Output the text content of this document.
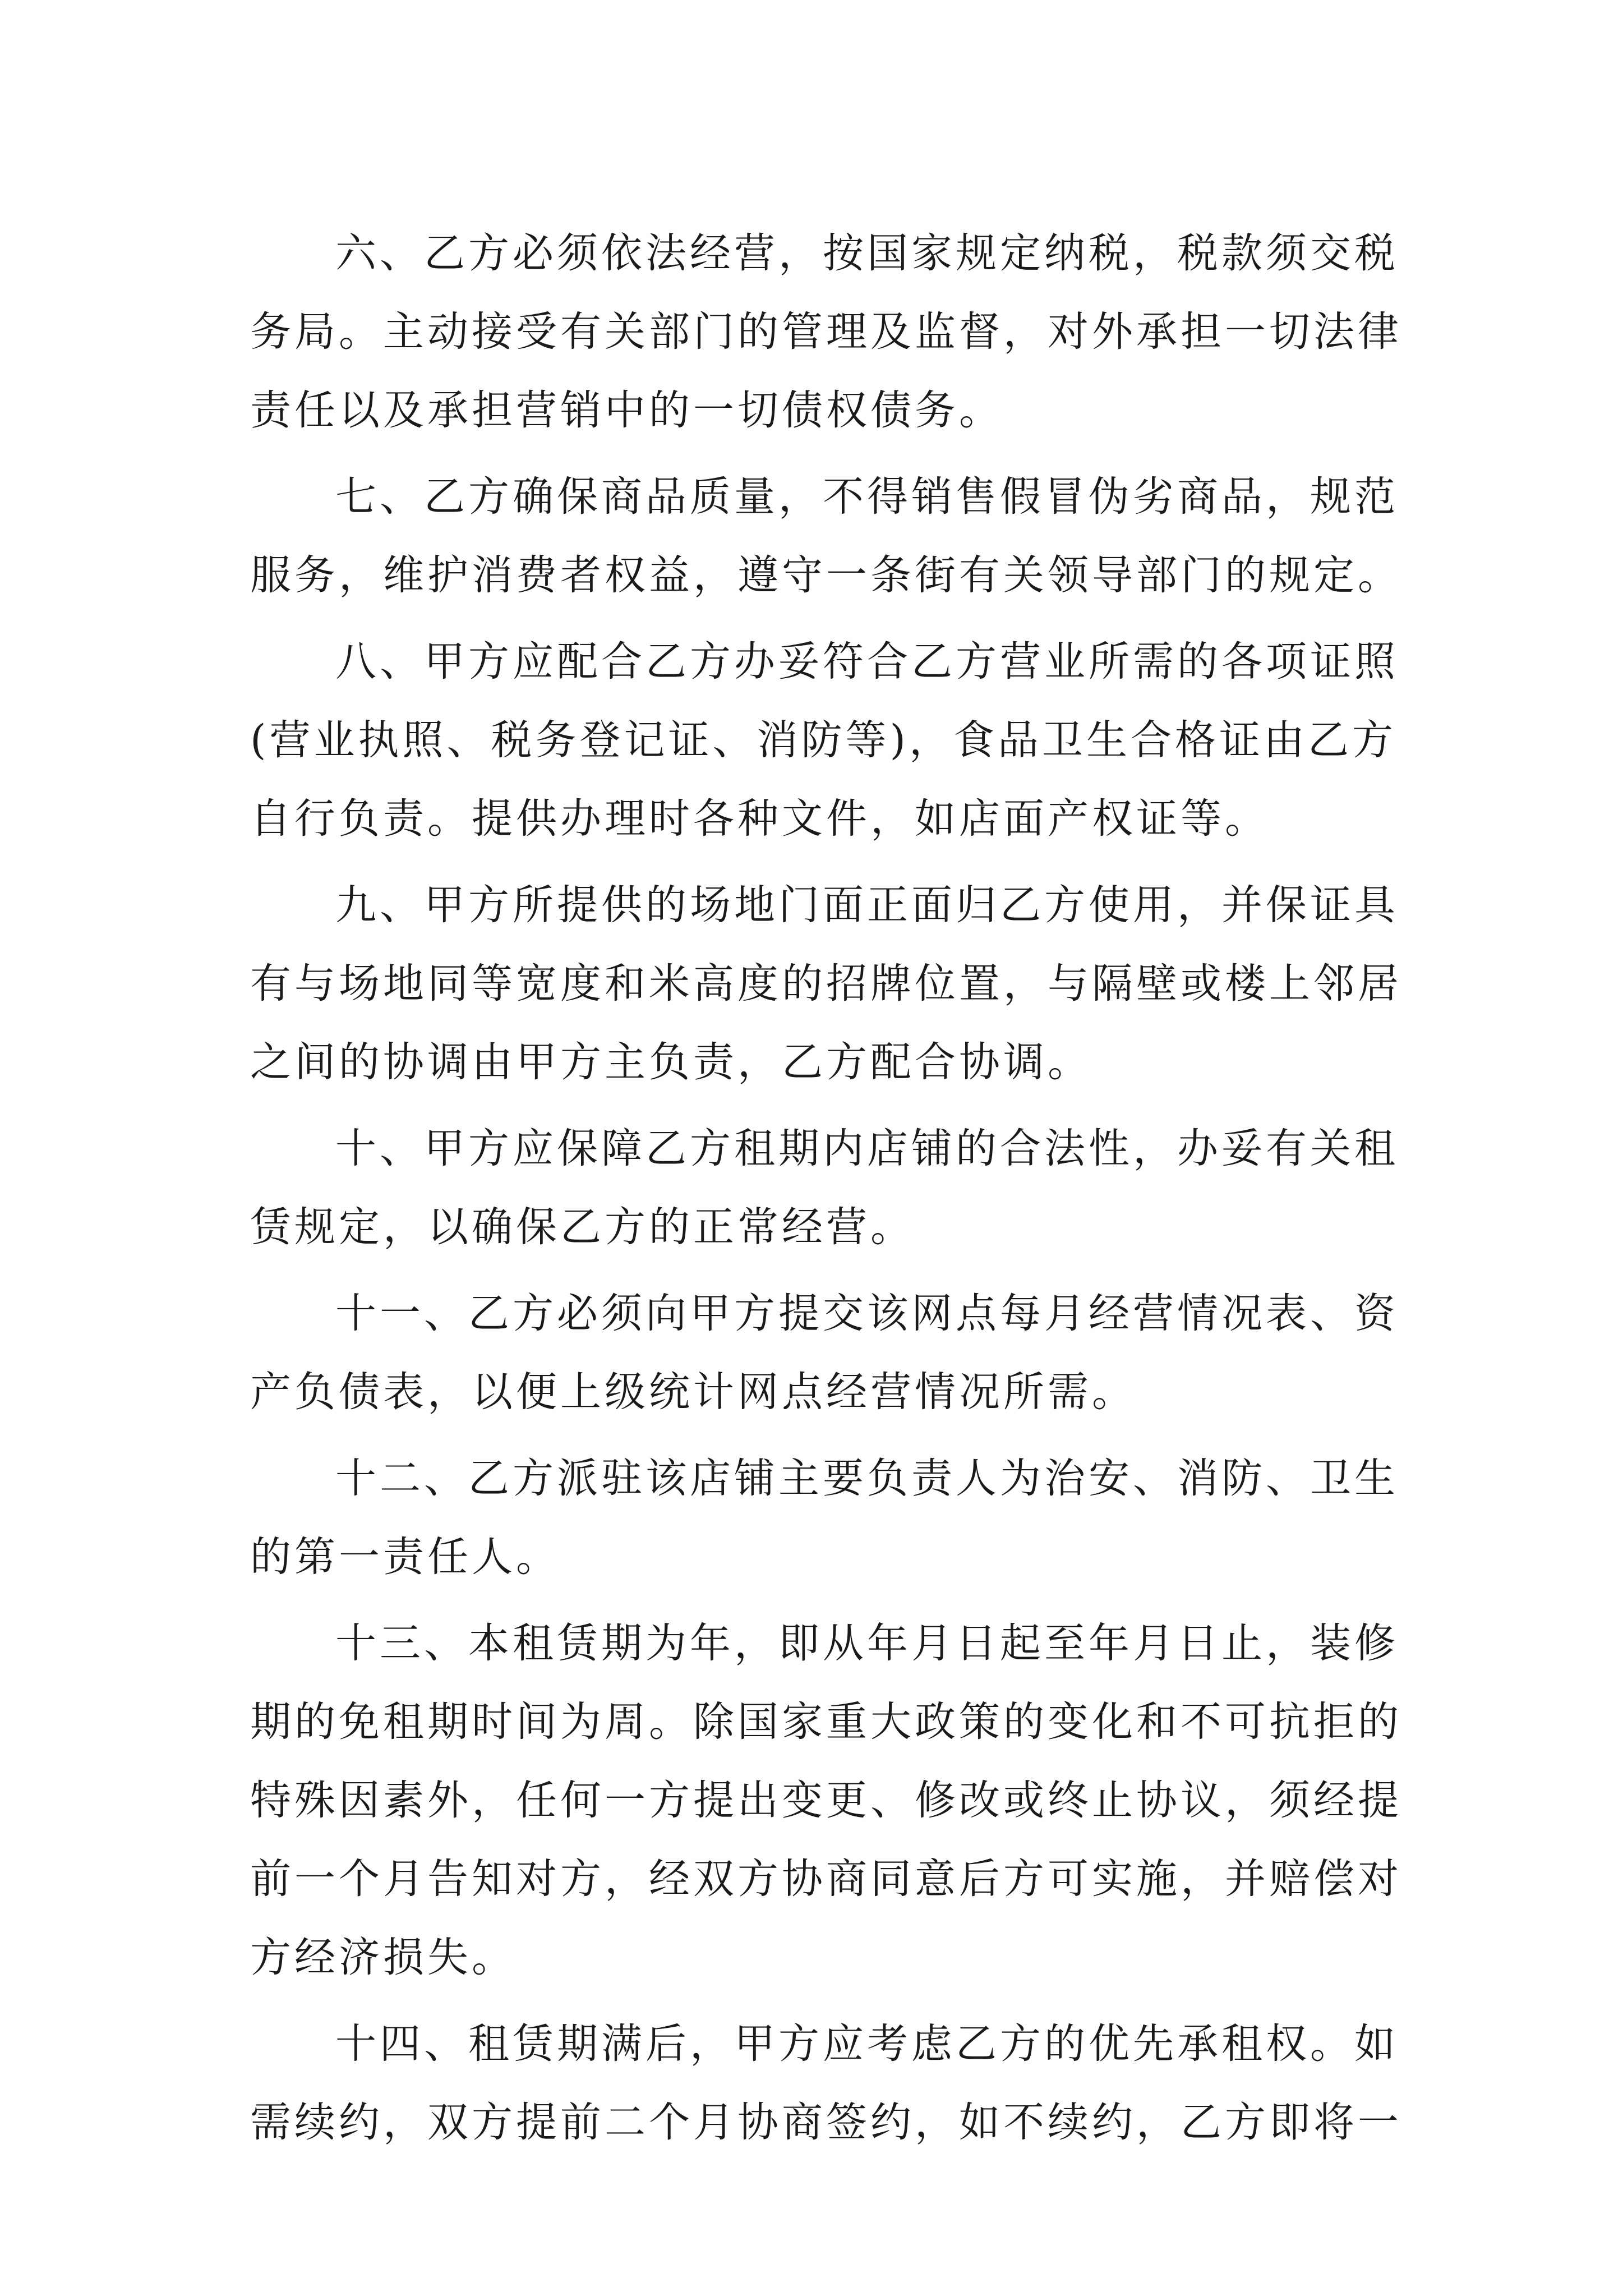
六、乙方必须依法经营，按国家规定纳税，税款须交税
务局。主动接受有关部门的管理及监督，对外承担一切法律
责任以及承担营销中的一切债权债务。
七、乙方确保商品质量，不得销售假冒伪劣商品，规范
服务，维护消费者权益，遵守一条街有关领导部门的规定。
八、甲方应配合乙方办妥符合乙方营业所需的各项证照
(营业执照、税务登记证、消防等)，食品卫生合格证由乙方
自行负责。提供办理时各种文件，如店面产权证等。
九、甲方所提供的场地门面正面归乙方使用，并保证具
有与场地同等宽度和米高度的招牌位置，与隔壁或楼上邻居
之间的协调由甲方主负责，乙方配合协调。
十、甲方应保障乙方租期内店铺的合法性，办妥有关租
赁规定，以确保乙方的正常经营。
十一、乙方必须向甲方提交该网点每月经营情况表、资
产负债表，以便上级统计网点经营情况所需。
十二、乙方派驻该店铺主要负责人为治安、消防、卫生
的第一责任人。
十三、本租赁期为年，即从年月日起至年月日止，装修
期的免租期时间为周。除国家重大政策的变化和不可抗拒的
特殊因素外，任何一方提出变更、修改或终止协议，须经提
前一个月告知对方，经双方协商同意后方可实施，并赔偿对
方经济损失。
十四、租赁期满后，甲方应考虑乙方的优先承租权。如
需续约，双方提前二个月协商签约，如不续约，乙方即将一
